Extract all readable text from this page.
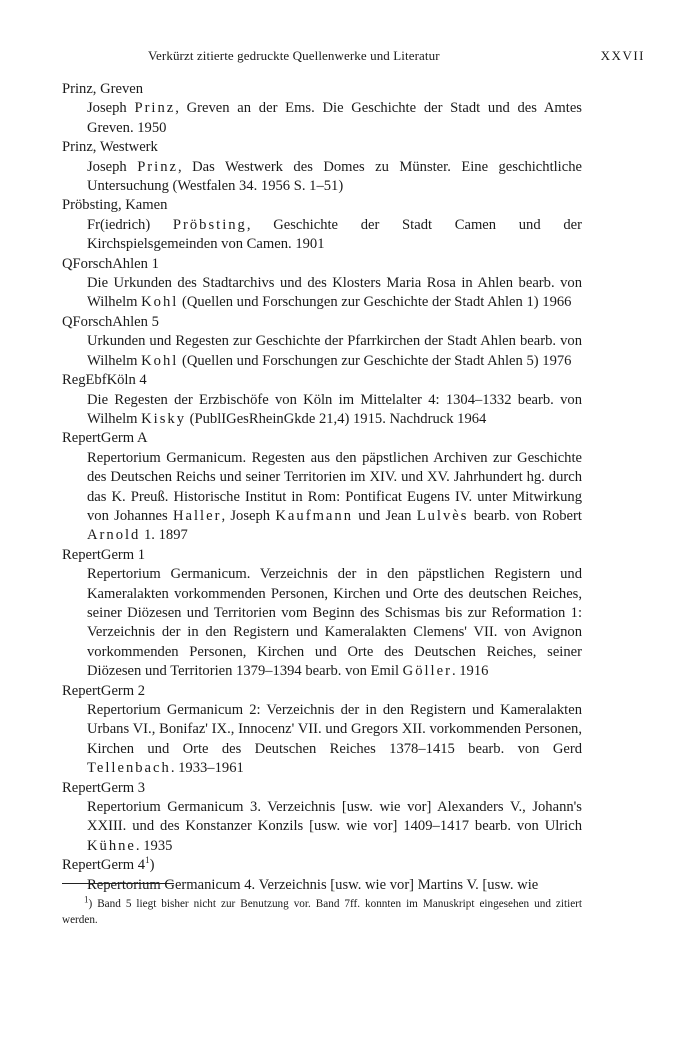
Verkürzt zitierte gedruckte Quellenwerke und Literatur	XXVII
Prinz, Greven
Joseph Prinz, Greven an der Ems. Die Geschichte der Stadt und des Amtes Greven. 1950
Prinz, Westwerk
Joseph Prinz, Das Westwerk des Domes zu Münster. Eine geschichtliche Untersuchung (Westfalen 34. 1956 S. 1–51)
Pröbsting, Kamen
Fr(iedrich) Pröbsting, Geschichte der Stadt Camen und der Kirchspielsgemeinden von Camen. 1901
QForschAhlen 1
Die Urkunden des Stadtarchivs und des Klosters Maria Rosa in Ahlen bearb. von Wilhelm Kohl (Quellen und Forschungen zur Geschichte der Stadt Ahlen 1) 1966
QForschAhlen 5
Urkunden und Regesten zur Geschichte der Pfarrkirchen der Stadt Ahlen bearb. von Wilhelm Kohl (Quellen und Forschungen zur Geschichte der Stadt Ahlen 5) 1976
RegEbfKöln 4
Die Regesten der Erzbischöfe von Köln im Mittelalter 4: 1304–1332 bearb. von Wilhelm Kisky (PublIGesRheinGkde 21,4) 1915. Nachdruck 1964
RepertGerm A
Repertorium Germanicum. Regesten aus den päpstlichen Archiven zur Geschichte des Deutschen Reichs und seiner Territorien im XIV. und XV. Jahrhundert hg. durch das K. Preuß. Historische Institut in Rom: Pontificat Eugens IV. unter Mitwirkung von Johannes Haller, Joseph Kaufmann und Jean Lulvès bearb. von Robert Arnold 1. 1897
RepertGerm 1
Repertorium Germanicum. Verzeichnis der in den päpstlichen Registern und Kameralakten vorkommenden Personen, Kirchen und Orte des deutschen Reiches, seiner Diözesen und Territorien vom Beginn des Schismas bis zur Reformation 1: Verzeichnis der in den Registern und Kameralakten Clemens' VII. von Avignon vorkommenden Personen, Kirchen und Orte des Deutschen Reiches, seiner Diözesen und Territorien 1379–1394 bearb. von Emil Göller. 1916
RepertGerm 2
Repertorium Germanicum 2: Verzeichnis der in den Registern und Kameralakten Urbans VI., Bonifaz' IX., Innocenz' VII. und Gregors XII. vorkommenden Personen, Kirchen und Orte des Deutschen Reiches 1378–1415 bearb. von Gerd Tellenbach. 1933–1961
RepertGerm 3
Repertorium Germanicum 3. Verzeichnis [usw. wie vor] Alexanders V., Johann's XXIII. und des Konstanzer Konzils [usw. wie vor] 1409–1417 bearb. von Ulrich Kühne. 1935
RepertGerm $4^1$)
Repertorium Germanicum 4. Verzeichnis [usw. wie vor] Martins V. [usw. wie
$^1$) Band 5 liegt bisher nicht zur Benutzung vor. Band 7ff. konnten im Manuskript eingesehen und zitiert werden.
